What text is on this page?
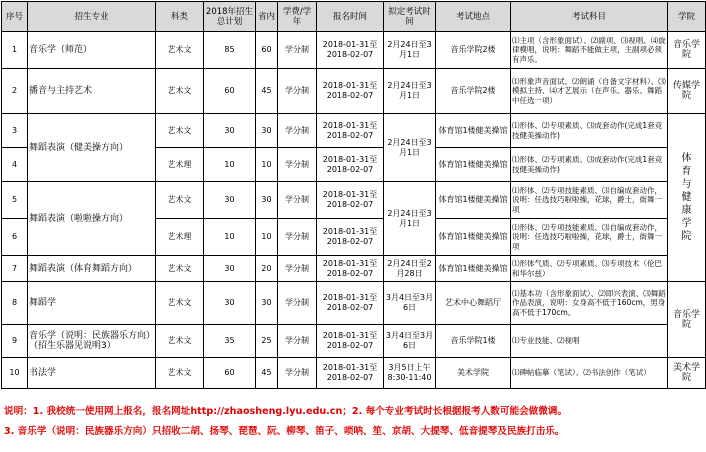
序号	招生专业	科类	2018年招生总计划	省内	学费/学年	报名时间	拟定考试时间	考试地点	考试科目	学院
1	音乐学（师范）	艺术文	85	60	学分制	2018-01-31至2018-02-07	2月24日至3月1日	音乐学院2楼	⑴主项（含形象面试）、⑵副项、⑶视唱、⑷旋律模唱，说明：舞蹈不能做主项，主副项必须有声乐。	音乐学院
2	播音与主持艺术	艺术文	60	45	学分制	2018-01-31至2018-02-07	2月24日至3月1日	音乐学院2楼	⑴形象声音面试、⑵朗诵（自备文字材料）、⑶模拟主持、⑷才艺展示（在声乐、器乐、舞蹈中任选一项）	传媒学院
3	舞蹈表演（健美操方向）	艺术文	30	30	学分制	2018-01-31至2018-02-07	2月24日至3月1日	体育馆1楼健美操馆	⑴形体、⑵专项素质、⑶成套动作(完成1套竞技健美操动作)	体育与健康学院
4		艺术理	10	10	学分制	2018-01-31至2018-02-07		体育馆1楼健美操馆	⑴形体、⑵专项素质、⑶成套动作(完成1套竞技健美操动作)	
5	舞蹈表演（啦啦操方向）	艺术文	30	30	学分制	2018-01-31至2018-02-07	2月24日至3月1日	体育馆1楼健美操馆	⑴形体、⑵专项技能素质、⑶自编成套动作，说明：任选技巧啦啦操，花球，爵士，街舞一项	
6		艺术理	10	10	学分制	2018-01-31至2018-02-07		体育馆1楼健美操馆	⑴形体、⑵专项技能素质、⑶自编成套动作，说明：任选技巧啦啦操，花球，爵士，街舞一项	
7	舞蹈表演（体育舞蹈方向）	艺术文	30	20	学分制	2018-01-31至2018-02-07	2月24日至2月28日	体育馆1楼健美操馆	⑴形体气质、⑵专项素质、⑶专项技术（伦巴和华尔兹）	
8	舞蹈学	艺术文	30	30	学分制	2018-01-31至2018-02-07	3月4日至3月6日	艺术中心舞蹈厅	⑴基本功（含形象面试）、⑵即兴表演、⑶舞蹈作品表演，说明：女身高不低于160cm，男身高不低于170cm。	音乐学院
9	音乐学（说明：民族器乐方向）（招生乐器见说明3）	艺术文	35	25	学分制	2018-01-31至2018-02-07	3月4日至3月6日	音乐学院1楼	⑴专业技能、⑵视唱	
10	书法学	艺术文	60	45	学分制	2018-01-31至2018-02-07	3月5日上午8:30-11:40	美术学院	⑴碑帖临摹（笔试）、⑵书法创作（笔试）	美术学院
说明：1. 我校统一使用网上报名，报名网址http://zhaosheng.lyu.edu.cn；2. 每个专业考试时长根据报考人数可能会做微调。
3. 音乐学（说明：民族器乐方向）只招收二胡、扬琴、琵琶、阮、柳琴、笛子、唢呐、笙、京胡、大提琴、低音提琴及民族打击乐。
